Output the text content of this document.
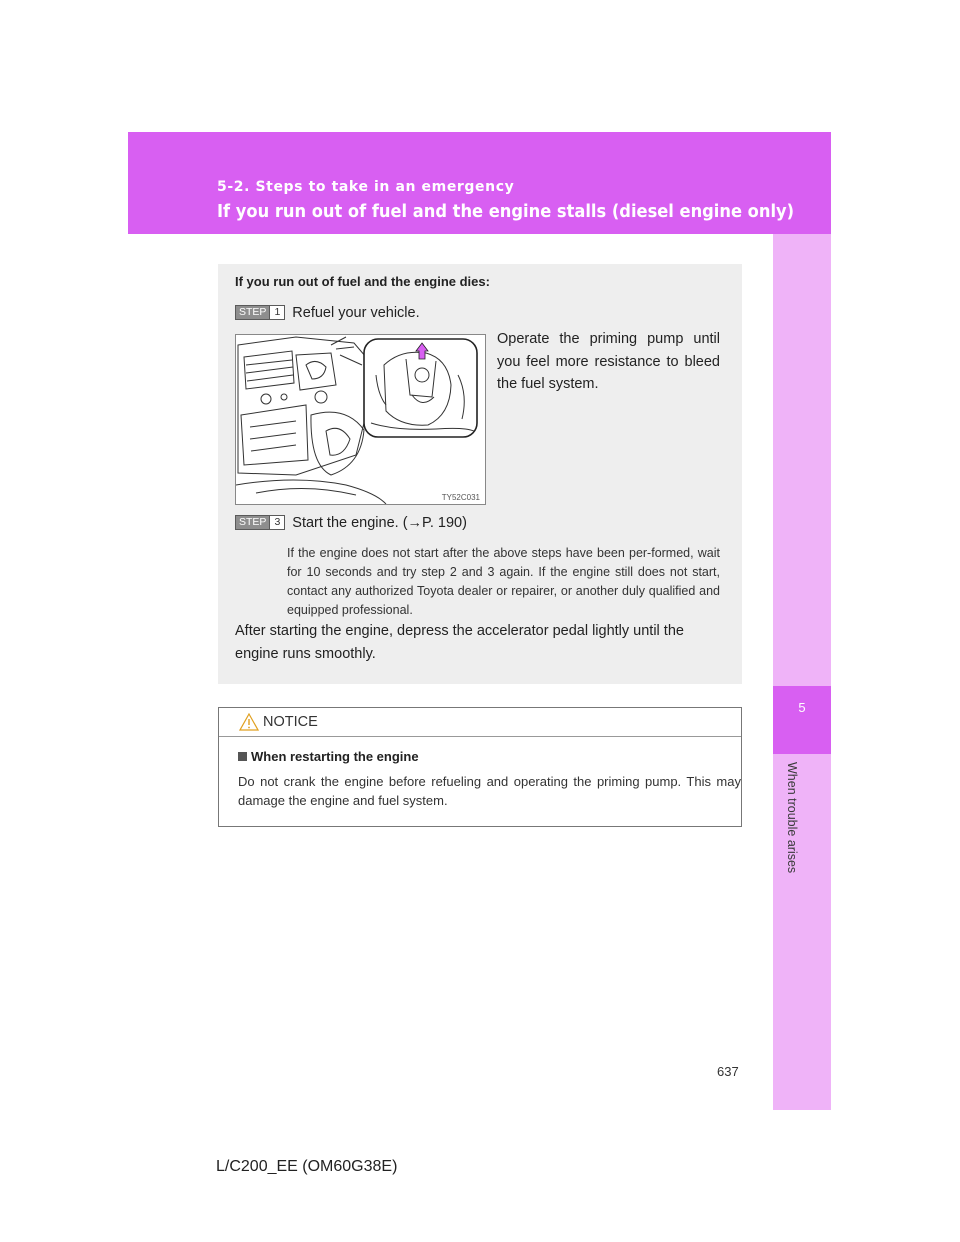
5-2. Steps to take in an emergency
If you run out of fuel and the engine stalls (diesel engine only)
5
When trouble arises
If you run out of fuel and the engine dies:
STEP 1 Refuel your vehicle.
Operate the priming pump until you feel more resistance to bleed the fuel system.
TY52C031
STEP 3 Start the engine. (→P. 190)
If the engine does not start after the above steps have been per-formed, wait for 10 seconds and try step 2 and 3 again. If the engine still does not start, contact any authorized Toyota dealer or repairer, or another duly qualified and equipped professional.
After starting the engine, depress the accelerator pedal lightly until the engine runs smoothly.
NOTICE
When restarting the engine
Do not crank the engine before refueling and operating the priming pump. This may damage the engine and fuel system.
637
L/C200_EE (OM60G38E)
